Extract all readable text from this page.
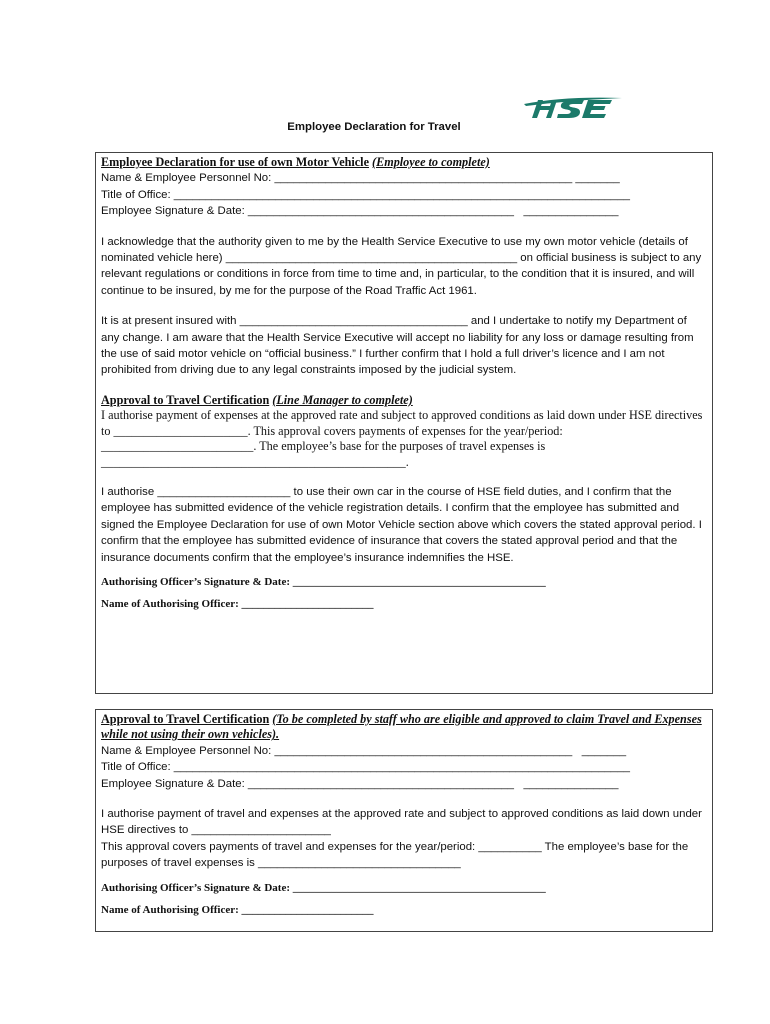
Employee Declaration for Travel
Employee Declaration for use of own Motor Vehicle (Employee to complete)
Name & Employee Personnel No: _______________________________________________ _______
Title of Office: ________________________________________________________________________
Employee Signature & Date: __________________________________________   _______________

I acknowledge that the authority given to me by the Health Service Executive to use my own motor vehicle (details of nominated vehicle here) ______________________________________________ on official business is subject to any relevant regulations or conditions in force from time to time and, in particular, to the condition that it is insured, and will continue to be insured, by me for the purpose of the Road Traffic Act 1961.

It is at present insured with ____________________________________ and I undertake to notify my Department of any change. I am aware that the Health Service Executive will accept no liability for any loss or damage resulting from the use of said motor vehicle on “official business.” I further confirm that I hold a full driver’s licence and I am not prohibited from driving due to any legal constraints imposed by the judicial system.

Approval to Travel Certification (Line Manager to complete)

I authorise payment of expenses at the approved rate and subject to approved conditions as laid down under HSE directives to ______________________. This approval covers payments of expenses for the year/period: _________________________. The employee’s base for the purposes of travel expenses is __________________________________________________.

I authorise _____________________ to use their own car in the course of HSE field duties, and I confirm that the employee has submitted evidence of the vehicle registration details. I confirm that the employee has submitted and signed the Employee Declaration for use of own Motor Vehicle section above which covers the stated approval period. I confirm that the employee has submitted evidence of insurance that covers the stated approval period and that the insurance documents confirm that the employee’s insurance indemnifies the HSE.

Authorising Officer’s Signature & Date: ______________________________________________
Name of Authorising Officer: ________________________
Approval to Travel Certification (To be completed by staff who are eligible and approved to claim Travel and Expenses while not using their own vehicles).
Name & Employee Personnel No: _______________________________________________   _______
Title of Office: ________________________________________________________________________
Employee Signature & Date: __________________________________________   _______________

I authorise payment of travel and expenses at the approved rate and subject to approved conditions as laid down under HSE directives to ______________________

This approval covers payments of travel and expenses for the year/period: __________ The employee’s base for the purposes of travel expenses is ________________________________

Authorising Officer’s Signature & Date: ______________________________________________
Name of Authorising Officer: ________________________
